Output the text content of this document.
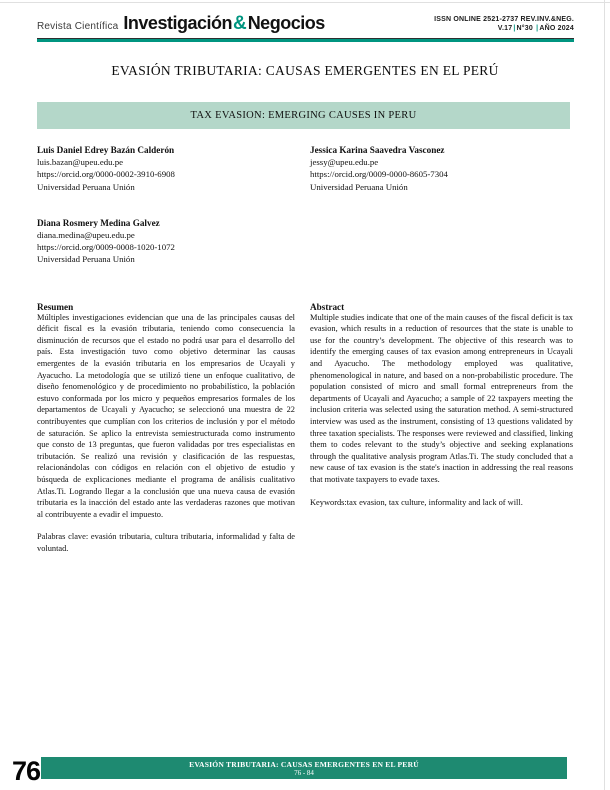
Revista Científica Investigación & Negocios	ISSN ONLINE 2521-2737 REV.INV.&NEG.
V.17|N°30 |AÑO 2024
EVASIÓN TRIBUTARIA: CAUSAS EMERGENTES EN EL PERÚ
TAX EVASION: EMERGING CAUSES IN PERU
Luis Daniel Edrey Bazán Calderón
luis.bazan@upeu.edu.pe
https://orcid.org/0000-0002-3910-6908
Universidad Peruana Unión
Jessica Karina Saavedra Vasconez
jessy@upeu.edu.pe
https://orcid.org/0009-0000-8605-7304
Universidad Peruana Unión
Diana Rosmery Medina Galvez
diana.medina@upeu.edu.pe
https://orcid.org/0009-0008-1020-1072
Universidad Peruana Unión
Resumen

Múltiples investigaciones evidencian que una de las principales causas del déficit fiscal es la evasión tributaria, teniendo como consecuencia la disminución de recursos que el estado no podrá usar para el desarrollo del país. Esta investigación tuvo como objetivo determinar las causas emergentes de la evasión tributaria en los empresarios de Ucayali y Ayacucho. La metodología que se utilizó tiene un enfoque cualitativo, de diseño fenomenológico y de procedimiento no probabilístico, la población estuvo conformada por los micro y pequeños empresarios formales de los departamentos de Ucayali y Ayacucho; se seleccionó una muestra de 22 contribuyentes que cumplían con los criterios de inclusión y por el método de saturación. Se aplico la entrevista semiestructurada como instrumento que consto de 13 preguntas, que fueron validadas por tres especialistas en tributación. Se realizó una revisión y clasificación de las respuestas, relacionándolas con códigos en relación con el objetivo de estudio y búsqueda de explicaciones mediante el programa de análisis cualitativo Atlas.Ti. Logrando llegar a la conclusión que una nueva causa de evasión tributaria es la inacción del estado ante las verdaderas razones que motivan al contribuyente a evadir el impuesto.

Palabras clave: evasión tributaria, cultura tributaria, informalidad y falta de voluntad.

Abstract

Multiple studies indicate that one of the main causes of the fiscal deficit is tax evasion, which results in a reduction of resources that the state is unable to use for the country’s development. The objective of this research was to identify the emerging causes of tax evasion among entrepreneurs in Ucayali and Ayacucho. The methodology employed was qualitative, phenomenological in nature, and based on a non-probabilistic procedure. The population consisted of micro and small formal entrepreneurs from the departments of Ucayali and Ayacucho; a sample of 22 taxpayers meeting the inclusion criteria was selected using the saturation method. A semi-structured interview was used as the instrument, consisting of 13 questions validated by three taxation specialists. The responses were reviewed and classified, linking them to codes relevant to the study’s objective and seeking explanations through the qualitative analysis program Atlas.Ti. The study concluded that a new cause of tax evasion is the state's inaction in addressing the real reasons that motivate taxpayers to evade taxes.

Keywords:tax evasion, tax culture, informality and lack of will.

76	EVASIÓN TRIBUTARIA: CAUSAS EMERGENTES EN EL PERÚ
76 - 84
